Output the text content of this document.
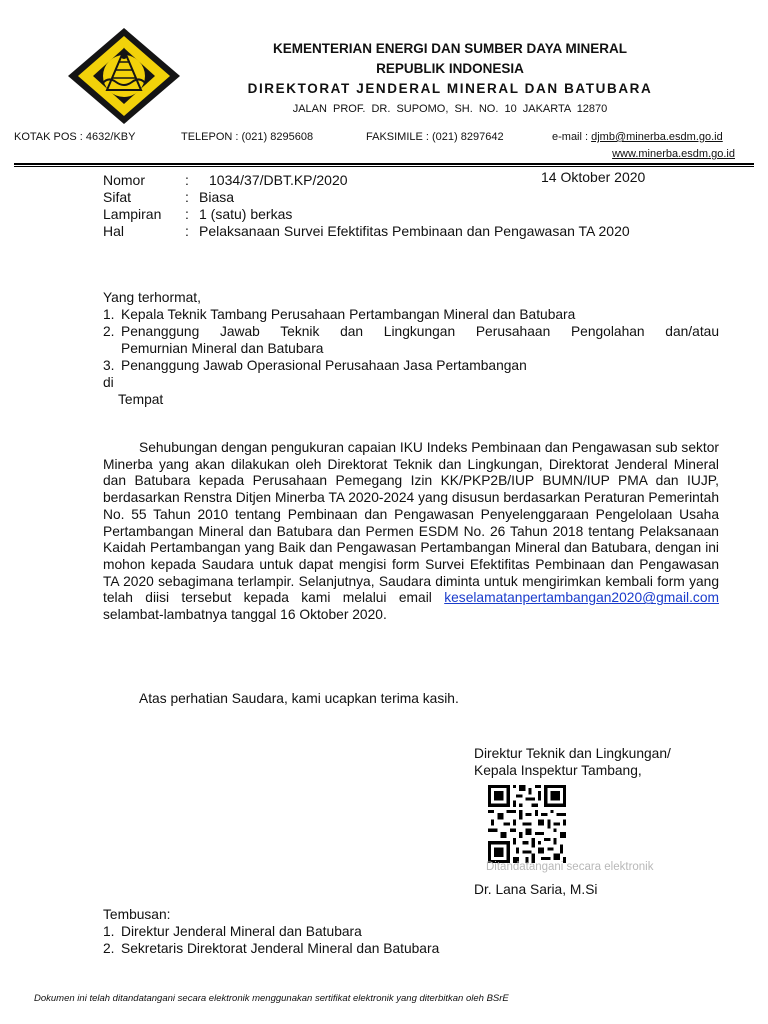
KEMENTERIAN ENERGI DAN SUMBER DAYA MINERAL
REPUBLIK INDONESIA
DIREKTORAT JENDERAL MINERAL DAN BATUBARA
JALAN PROF. DR. SUPOMO, SH. NO. 10 JAKARTA 12870
KOTAK POS : 4632/KBY	TELEPON : (021) 8295608	FAKSIMILE : (021) 8297642	e-mail : djmb@minerba.esdm.go.id
www.minerba.esdm.go.id
14 Oktober 2020
Nomor	: 1034/37/DBT.KP/2020
Sifat	: Biasa
Lampiran : 1 (satu) berkas
Hal	: Pelaksanaan Survei Efektifitas Pembinaan dan Pengawasan TA 2020
Yang terhormat,
1. Kepala Teknik Tambang Perusahaan Pertambangan Mineral dan Batubara
2. Penanggung Jawab Teknik dan Lingkungan Perusahaan Pengolahan dan/atau
Pemurnian Mineral dan Batubara
3. Penanggung Jawab Operasional Perusahaan Jasa Pertambangan
di
Tempat
Sehubungan dengan pengukuran capaian IKU Indeks Pembinaan dan Pengawasan sub sektor Minerba yang akan dilakukan oleh Direktorat Teknik dan Lingkungan, Direktorat Jenderal Mineral dan Batubara kepada Perusahaan Pemegang Izin KK/PKP2B/IUP BUMN/IUP PMA dan IUJP, berdasarkan Renstra Ditjen Minerba TA 2020-2024 yang disusun berdasarkan Peraturan Pemerintah No. 55 Tahun 2010 tentang Pembinaan dan Pengawasan Penyelenggaraan Pengelolaan Usaha Pertambangan Mineral dan Batubara dan Permen ESDM No. 26 Tahun 2018 tentang Pelaksanaan Kaidah Pertambangan yang Baik dan Pengawasan Pertambangan Mineral dan Batubara, dengan ini mohon kepada Saudara untuk dapat mengisi form Survei Efektifitas Pembinaan dan Pengawasan TA 2020 sebagimana terlampir. Selanjutnya, Saudara diminta untuk mengirimkan kembali form yang telah diisi tersebut kepada kami melalui email keselamatanpertambangan2020@gmail.com selambat-lambatnya tanggal 16 Oktober 2020.
Atas perhatian Saudara, kami ucapkan terima kasih.
Direktur Teknik dan Lingkungan/
Kepala Inspektur Tambang,
Ditandatangani secara elektronik
Dr. Lana Saria, M.Si
Tembusan:
1. Direktur Jenderal Mineral dan Batubara
2. Sekretaris Direktorat Jenderal Mineral dan Batubara
Dokumen ini telah ditandatangani secara elektronik menggunakan sertifikat elektronik yang diterbitkan oleh BSrE
